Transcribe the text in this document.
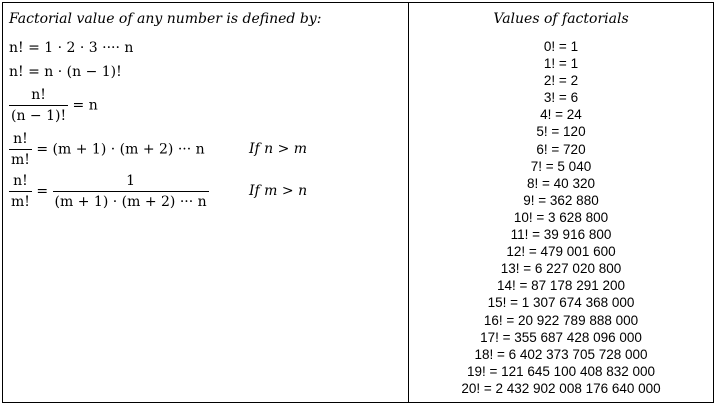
Factorial value of any number is defined by:
n! = 1 · 2 · 3 ···· n
n! = n · (n − 1)!
$\frac{n!}{(n - 1)!} = n$
$\frac{n!}{m!} = (m + 1) \cdot (m + 2)$ ··· n	If n > m
$\frac{n!}{m!} = \frac{1}{(m + 1) \cdot (m + 2) \cdot\cdot\cdot n}$	If m > n
Values of factorials
0! = 1
1! = 1
2! = 2
3! = 6
4! = 24
5! = 120
6! = 720
7! = 5 040
8! = 40 320
9! = 362 880
10! = 3 628 800
11! = 39 916 800
12! = 479 001 600
13! = 6 227 020 800
14! = 87 178 291 200
15! = 1 307 674 368 000
16! = 20 922 789 888 000
17! = 355 687 428 096 000
18! = 6 402 373 705 728 000
19! = 121 645 100 408 832 000
20! = 2 432 902 008 176 640 000
